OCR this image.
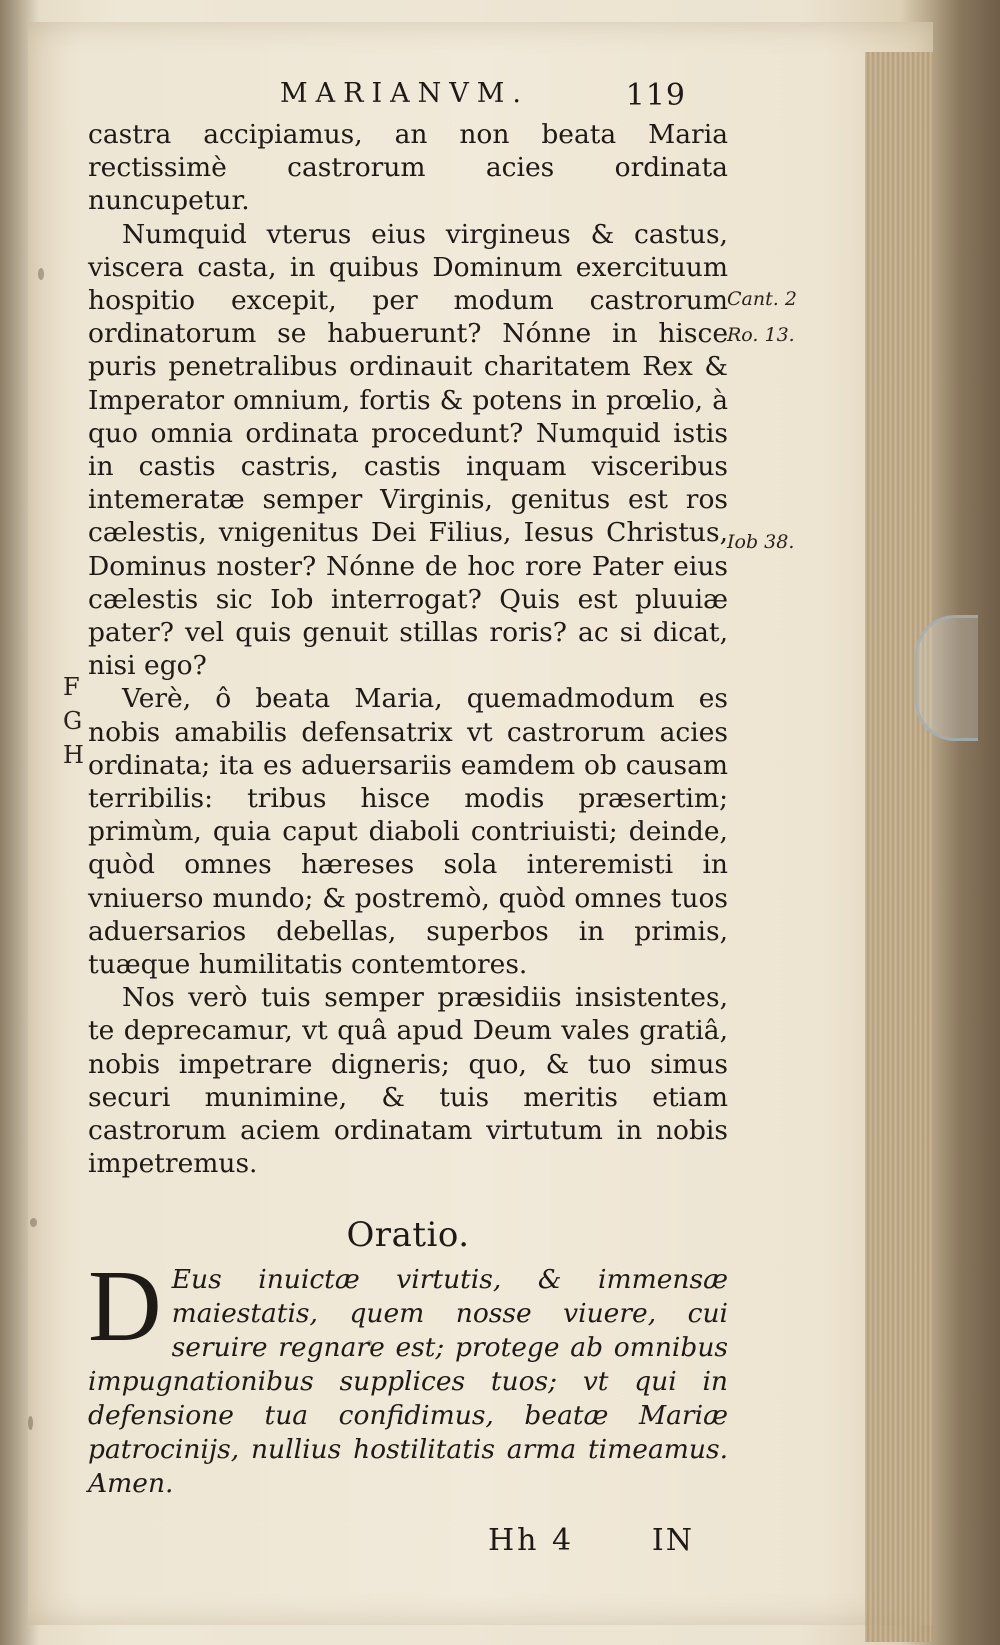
MARIANVM.	119

castra accipiamus, an non beata Maria rectissimè castrorum acies ordinata nuncupetur.

Numquid vterus eius virgineus & castus, viscera casta, in quibus Dominum exercituum hospitio excepit, per modum castrorum ordinatorum se habuerunt? Nónne in hisce puris penetralibus ordinauit charitatem Rex & Imperator omnium, fortis & potens in prœlio, à quo omnia ordinata procedunt? Numquid istis in castis castris, castis inquam visceribus intemeratæ semper Virginis, genitus est ros cælestis, vnigenitus Dei Filius, Iesus Christus, Dominus noster? Nónne de hoc rore Pater eius cælestis sic Iob interrogat? Quis est pluuiæ pater? vel quis genuit stillas roris? ac si dicat, nisi ego?

Verè, ô beata Maria, quemadmodum es nobis amabilis defensatrix vt castrorum acies ordinata; ita es aduersariis eamdem ob causam terribilis: tribus hisce modis præsertim; primùm, quia caput diaboli contriuisti; deinde, quòd omnes hæreses sola interemisti in vniuerso mundo; & postremò, quòd omnes tuos aduersarios debellas, superbos in primis, tuæque humilitatis contemtores.

Nos verò tuis semper præsidiis insistentes, te deprecamur, vt quâ apud Deum vales gratiâ, nobis impetrare digneris; quo, & tuo simus securi munimine, & tuis meritis etiam castrorum aciem ordinatam virtutum in nobis impetremus.

Oratio.
D Eus inuictæ virtutis, & immensæ maiestatis, quem nosse viuere, cui seruire regnare est; protege ab omnibus impugnationibus supplices tuos; vt qui in defensione tua confidimus, beatæ Mariæ patrocinijs, nullius hostilitatis arma timeamus. Amen.
Hh 4	IN
Cant. 2
Ro. 13.
Iob 38.
F
G
H
